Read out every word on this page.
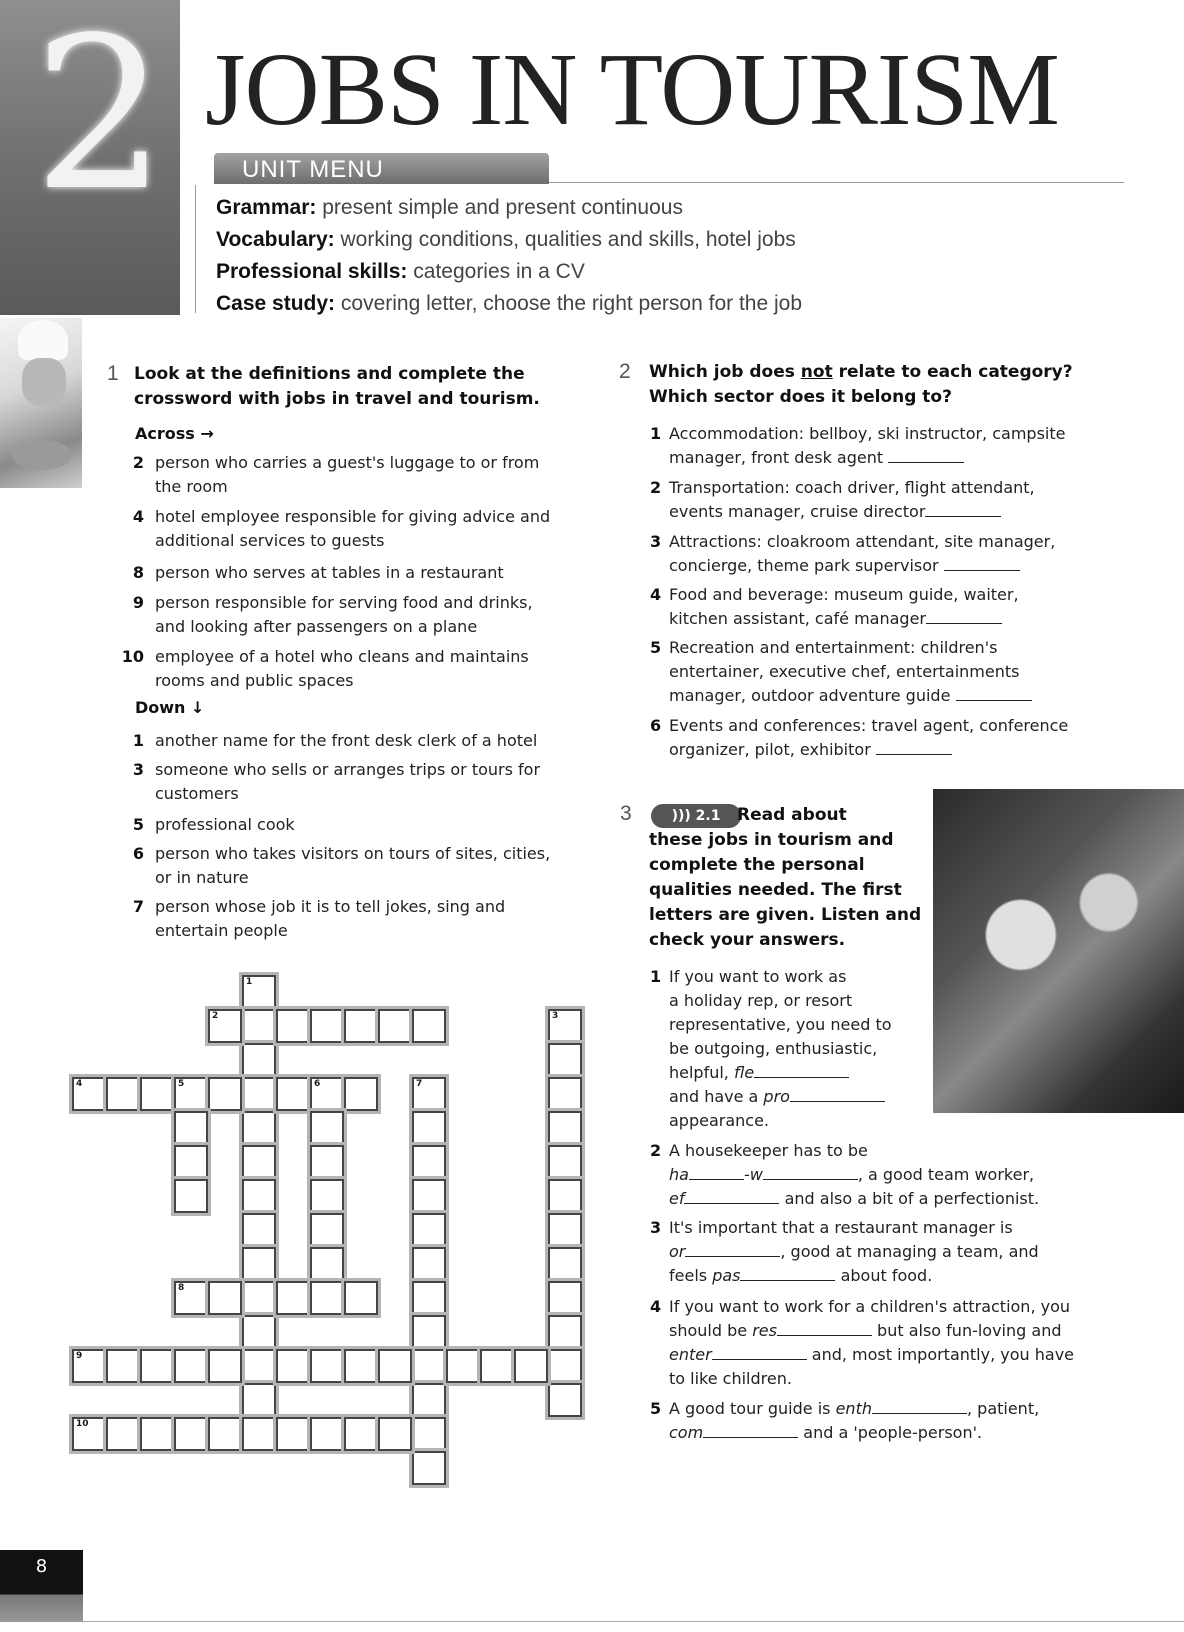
2 JOBS IN TOURISM
UNIT MENU
Grammar: present simple and present continuous
Vocabulary: working conditions, qualities and skills, hotel jobs
Professional skills: categories in a CV
Case study: covering letter, choose the right person for the job
1 Look at the definitions and complete the
crossword with jobs in travel and tourism.
Across →
2 person who carries a guest's luggage to or from
the room
4 hotel employee responsible for giving advice and
additional services to guests
8 person who serves at tables in a restaurant
9 person responsible for serving food and drinks,
and looking after passengers on a plane
10 employee of a hotel who cleans and maintains
rooms and public spaces
Down ↓
1 another name for the front desk clerk of a hotel
3 someone who sells or arranges trips or tours for
customers
5 professional cook
6 person who takes visitors on tours of sites, cities,
or in nature
7 person whose job it is to tell jokes, sing and
entertain people
2 Which job does not relate to each category?
Which sector does it belong to?
1 Accommodation: bellboy, ski instructor, campsite
manager, front desk agent
2 Transportation: coach driver, flight attendant,
events manager, cruise director
3 Attractions: cloakroom attendant, site manager,
concierge, theme park supervisor
4 Food and beverage: museum guide, waiter,
kitchen assistant, café manager
5 Recreation and entertainment: children's
entertainer, executive chef, entertainments
manager, outdoor adventure guide
6 Events and conferences: travel agent, conference
organizer, pilot, exhibitor
3	))) 2.1 Read about
these jobs in tourism and
complete the personal
qualities needed. The first
letters are given. Listen and
check your answers.
1 If you want to work as
a holiday rep, or resort
representative, you need to
be outgoing, enthusiastic,
helpful, fle
and have a pro
appearance.
2 A housekeeper has to be
ha	-w	, a good team worker,
ef	and also a bit of a perfectionist.
3 It's important that a restaurant manager is
or	, good at managing a team, and
feels pas	about food.
4 If you want to work for a children's attraction, you
should be res	but also fun-loving and
enter	and, most importantly, you have
to like children.
5 A good tour guide is enth	, patient,
com	and a 'people-person'.
8
1
2	3
4	5	6	7
8
9
10
